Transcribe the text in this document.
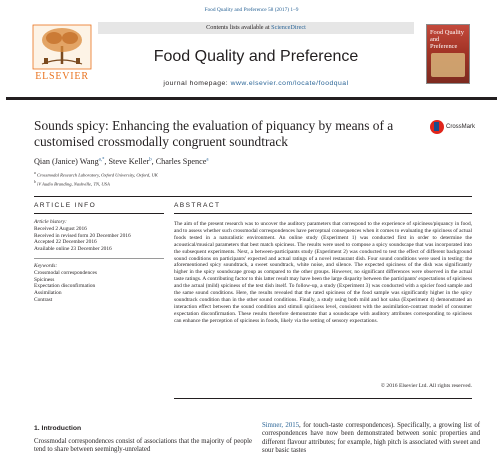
Food Quality and Preference 58 (2017) 1–9
ELSEVIER
Contents lists available at ScienceDirect
Food Quality and Preference
journal homepage: www.elsevier.com/locate/foodqual
Food Quality and Preference
Sounds spicy: Enhancing the evaluation of piquancy by means of a customised crossmodally congruent soundtrack
CrossMark
Qian (Janice) Wang$^{a,*}$, Steve Keller$^b$, Charles Spence$^a$
$^a$ Crossmodal Research Laboratory, Oxford University, Oxford, UK
$^b$ iV Audio Branding, Nashville, TN, USA
ARTICLE INFO	ABSTRACT
Article history:
Received 2 August 2016
Received in revised form 20 December 2016
Accepted 22 December 2016
Available online 23 December 2016
Keywords:
Crossmodal correspondences
Spiciness
Expectation disconfirmation
Assimilation
Contrast
The aim of the present research was to uncover the auditory parameters that correspond to the experience of spiciness/piquancy in food, and to assess whether such crossmodal correspondences have perceptual consequences when it comes to evaluating the spiciness of actual foods tested in a naturalistic environment. An online study (Experiment 1) was conducted first in order to determine the acoustical/musical parameters that best match spiciness. The results were used to compose a spicy soundscape that was incorporated into the subsequent experiments. Next, a between-participants study (Experiment 2) was conducted to test the effect of different background sound conditions on participants' expected and actual ratings of a novel restaurant dish. Four sound conditions were used in testing: the aforementioned spicy soundtrack, a sweet soundtrack, white noise, and silence. The expected spiciness of the dish was significantly higher in the spicy soundscape group as compared to the other groups. However, no significant differences were observed in the actual taste ratings. A contributing factor to this latter result may have been the large disparity between the participants' expectations of spiciness and the actual (mild) spiciness of the test dish itself. To follow-up, a study (Experiment 3) was conducted with a spicier food sample and the same sound conditions. Here, the results revealed that the rated spiciness of the food sample was significantly higher in the spicy soundtrack condition than in the other sound conditions. Finally, a study using both mild and hot salsa (Experiment 4) demonstrated an interaction effect between the sound condition and stimuli spiciness level, consistent with the assimilation-contrast model of consumer expectation disconfirmation. These results therefore demonstrate that a soundscape with auditory attributes corresponding to spiciness can enhance the perception of spiciness in foods, likely via the setting of sensory expectations.
© 2016 Elsevier Ltd. All rights reserved.
1. Introduction
Crossmodal correspondences consist of associations that the majority of people tend to share between seemingly-unrelated
Simner, 2015, for touch-taste correspondences). Specifically, a growing list of correspondences have now been demonstrated between sonic properties and different flavour attributes; for example, high pitch is associated with sweet and sour basic tastes
